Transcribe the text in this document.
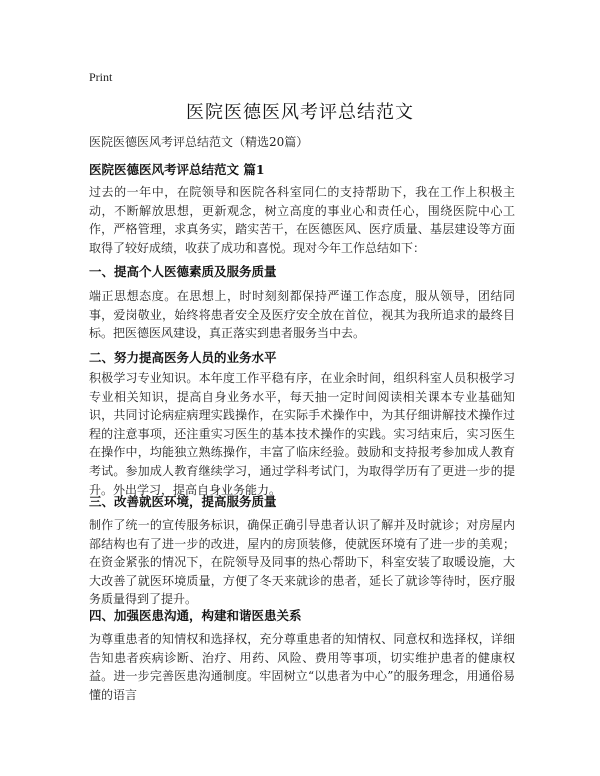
Print
医院医德医风考评总结范文

医院医德医风考评总结范文（精选20篇）

医院医德医风考评总结范文 篇1

过去的一年中，在院领导和医院各科室同仁的支持帮助下，我在工作上积极主动，不断解放思想，更新观念，树立高度的事业心和责任心，围绕医院中心工作，严格管理，求真务实，踏实苦干，在医德医风、医疗质量、基层建设等方面取得了较好成绩，收获了成功和喜悦。现对今年工作总结如下：

一、提高个人医德素质及服务质量

端正思想态度。在思想上，时时刻刻都保持严谨工作态度，服从领导，团结同事，爱岗敬业，始终将患者安全及医疗安全放在首位，视其为我所追求的最终目标。把医德医风建设，真正落实到患者服务当中去。

二、努力提高医务人员的业务水平

积极学习专业知识。本年度工作平稳有序，在业余时间，组织科室人员积极学习专业相关知识，提高自身业务水平，每天抽一定时间阅读相关课本专业基础知识，共同讨论病症病理实践操作，在实际手术操作中，为其仔细讲解技术操作过程的注意事项，还注重实习医生的基本技术操作的实践。实习结束后，实习医生在操作中，均能独立熟练操作，丰富了临床经验。鼓励和支持报考参加成人教育考试。参加成人教育继续学习，通过学科考试门，为取得学历有了更进一步的提升。外出学习，提高自身业务能力。

三、改善就医环境，提高服务质量

制作了统一的宣传服务标识，确保正确引导患者认识了解并及时就诊；对房屋内部结构也有了进一步的改进，屋内的房顶装修，使就医环境有了进一步的美观；在资金紧张的情况下，在院领导及同事的热心帮助下，科室安装了取暖设施，大大改善了就医环境质量，方便了冬天来就诊的患者，延长了就诊等待时，医疗服务质量得到了提升。

四、加强医患沟通，构建和谐医患关系

为尊重患者的知情权和选择权，充分尊重患者的知情权、同意权和选择权，详细告知患者疾病诊断、治疗、用药、风险、费用等事项，切实维护患者的健康权益。进一步完善医患沟通制度。牢固树立“以患者为中心”的服务理念，用通俗易懂的语言
